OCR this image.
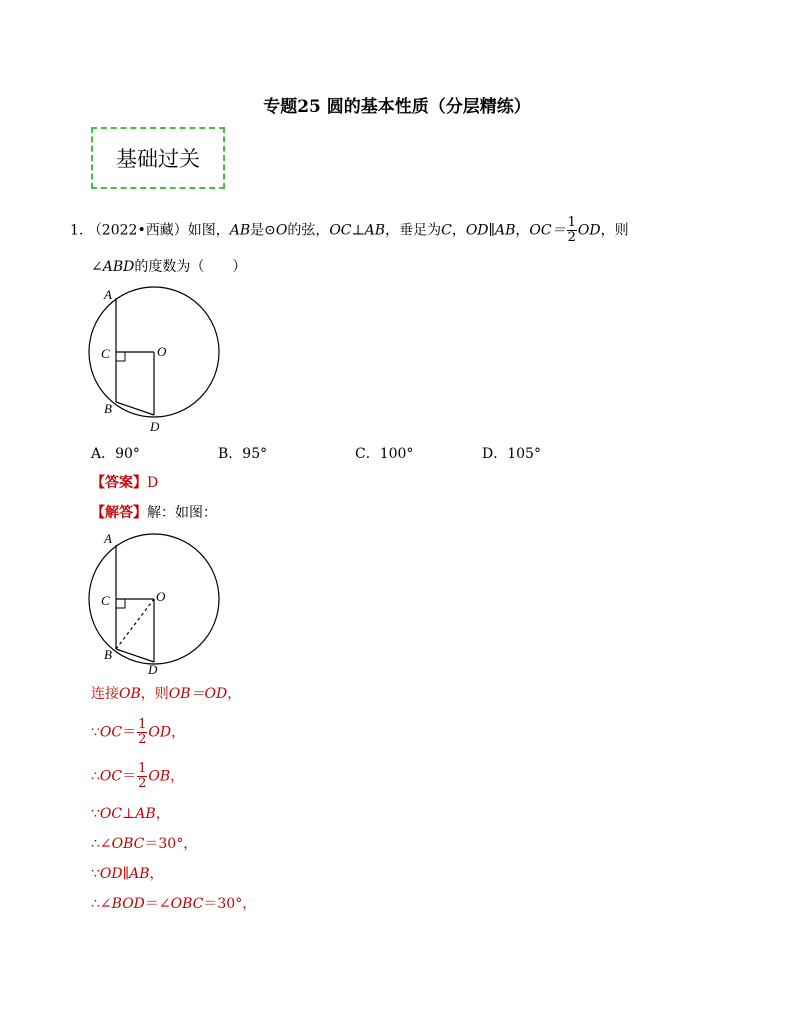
专题25 圆的基本性质（分层精练）
基础过关
1. （2022•西藏）如图，AB是⊙O的弦，OC⊥AB，垂足为C，OD∥AB，$OC= \frac{1}{2}$ OD，则
∠ABD的度数为（　　）
A
C	O
B
D
A．90°	B．95°	C．100°	D．105°
【答案】D
【解答】解：如图：
A
C	O
B
D
连接OB，则OB＝OD，
∵OC＝ $\frac{1}{2}$ OD，
∴OC＝ $\frac{1}{2}$ OB，
∵OC⊥AB，
∴∠OBC＝30°，
∵OD∥AB，
∴∠BOD＝∠OBC＝30°，
